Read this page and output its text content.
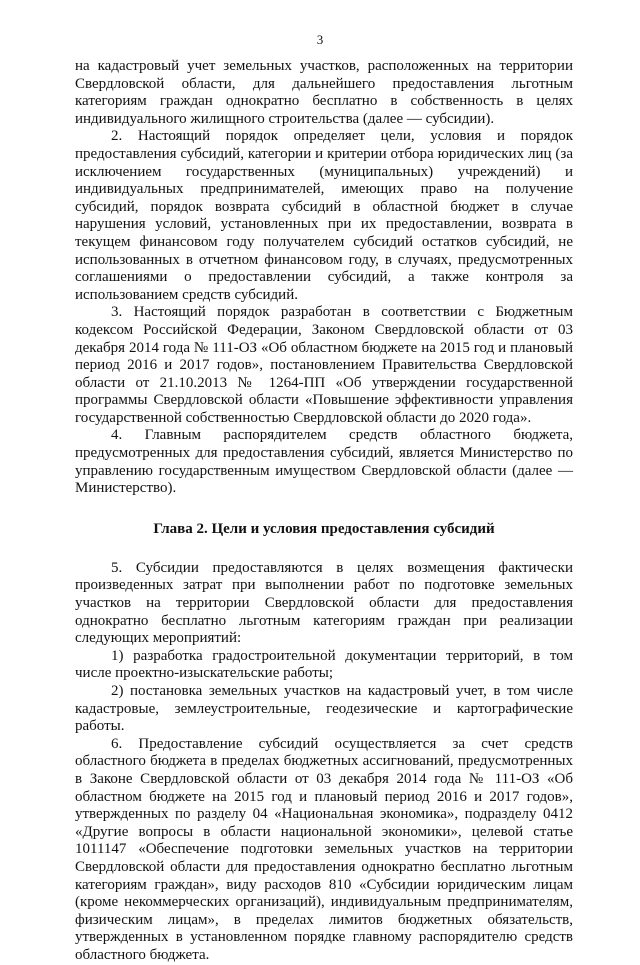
3

на кадастровый учет земельных участков, расположенных на территории Свердловской области, для дальнейшего предоставления льготным категориям граждан однократно бесплатно в собственность в целях индивидуального жилищного строительства (далее — субсидии).

2. Настоящий порядок определяет цели, условия и порядок предоставления субсидий, категории и критерии отбора юридических лиц (за исключением государственных (муниципальных) учреждений) и индивидуальных предпринимателей, имеющих право на получение субсидий, порядок возврата субсидий в областной бюджет в случае нарушения условий, установленных при их предоставлении, возврата в текущем финансовом году получателем субсидий остатков субсидий, не использованных в отчетном финансовом году, в случаях, предусмотренных соглашениями о предоставлении субсидий, а также контроля за использованием средств субсидий.

3. Настоящий порядок разработан в соответствии с Бюджетным кодексом Российской Федерации, Законом Свердловской области от 03 декабря 2014 года № 111-ОЗ «Об областном бюджете на 2015 год и плановый период 2016 и 2017 годов», постановлением Правительства Свердловской области от 21.10.2013 № 1264-ПП «Об утверждении государственной программы Свердловской области «Повышение эффективности управления государственной собственностью Свердловской области до 2020 года».

4. Главным распорядителем средств областного бюджета, предусмотренных для предоставления субсидий, является Министерство по управлению государственным имуществом Свердловской области (далее — Министерство).

Глава 2. Цели и условия предоставления субсидий

5. Субсидии предоставляются в целях возмещения фактически произведенных затрат при выполнении работ по подготовке земельных участков на территории Свердловской области для предоставления однократно бесплатно льготным категориям граждан при реализации следующих мероприятий:

1) разработка градостроительной документации территорий, в том числе проектно-изыскательские работы;

2) постановка земельных участков на кадастровый учет, в том числе кадастровые, землеустроительные, геодезические и картографические работы.

6. Предоставление субсидий осуществляется за счет средств областного бюджета в пределах бюджетных ассигнований, предусмотренных в Законе Свердловской области от 03 декабря 2014 года № 111-ОЗ «Об областном бюджете на 2015 год и плановый период 2016 и 2017 годов», утвержденных по разделу 04 «Национальная экономика», подразделу 0412 «Другие вопросы в области национальной экономики», целевой статье 1011147 «Обеспечение подготовки земельных участков на территории Свердловской области для предоставления однократно бесплатно льготным категориям граждан», виду расходов 810 «Субсидии юридическим лицам (кроме некоммерческих организаций), индивидуальным предпринимателям, физическим лицам», в пределах лимитов бюджетных обязательств, утвержденных в установленном порядке главному распорядителю средств областного бюджета.
